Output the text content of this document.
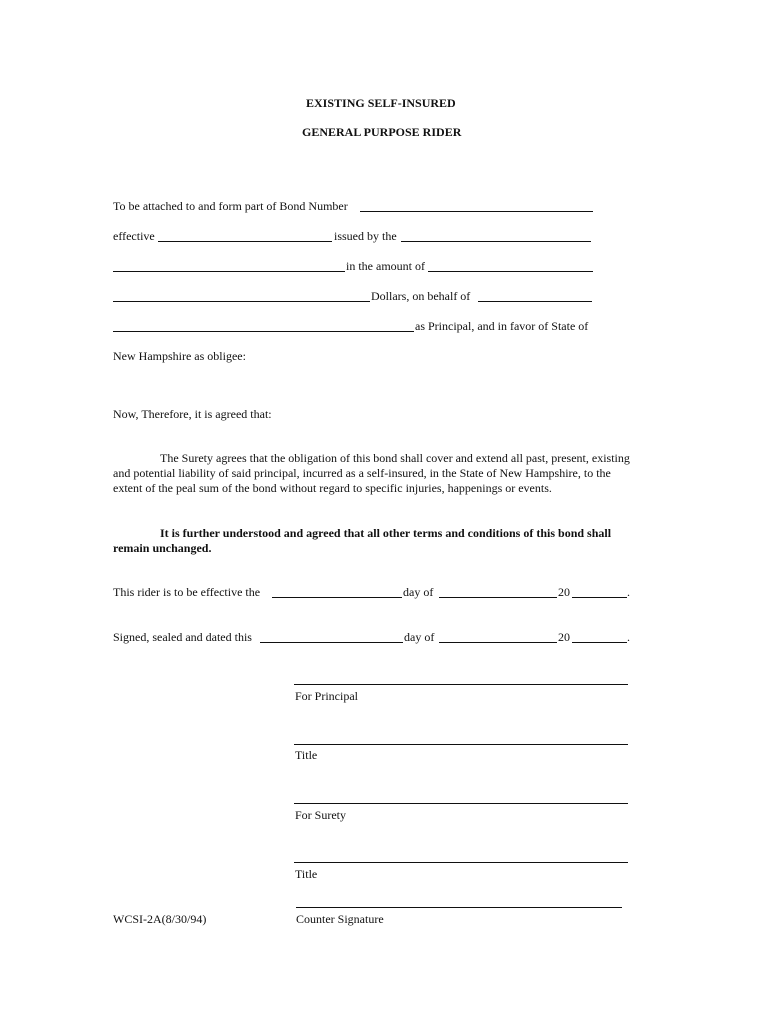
EXISTING SELF-INSURED
GENERAL PURPOSE RIDER
To be attached to and form part of Bond Number
effective	issued by the
in the amount of
Dollars, on behalf of
as Principal, and in favor of State of
New Hampshire as obligee:
Now, Therefore, it is agreed that:
The Surety agrees that the obligation of this bond shall cover and extend all past, present, existing
and potential liability of said principal, incurred as a self-insured, in the State of New Hampshire, to the
extent of the peal sum of the bond without regard to specific injuries, happenings or events.
It is further understood and agreed that all other terms and conditions of this bond shall
remain unchanged.
This rider is to be effective the	day of	20	.
Signed, sealed and dated this	day of	20	.
For Principal
Title
For Surety
Title
Counter Signature
WCSI-2A(8/30/94)
